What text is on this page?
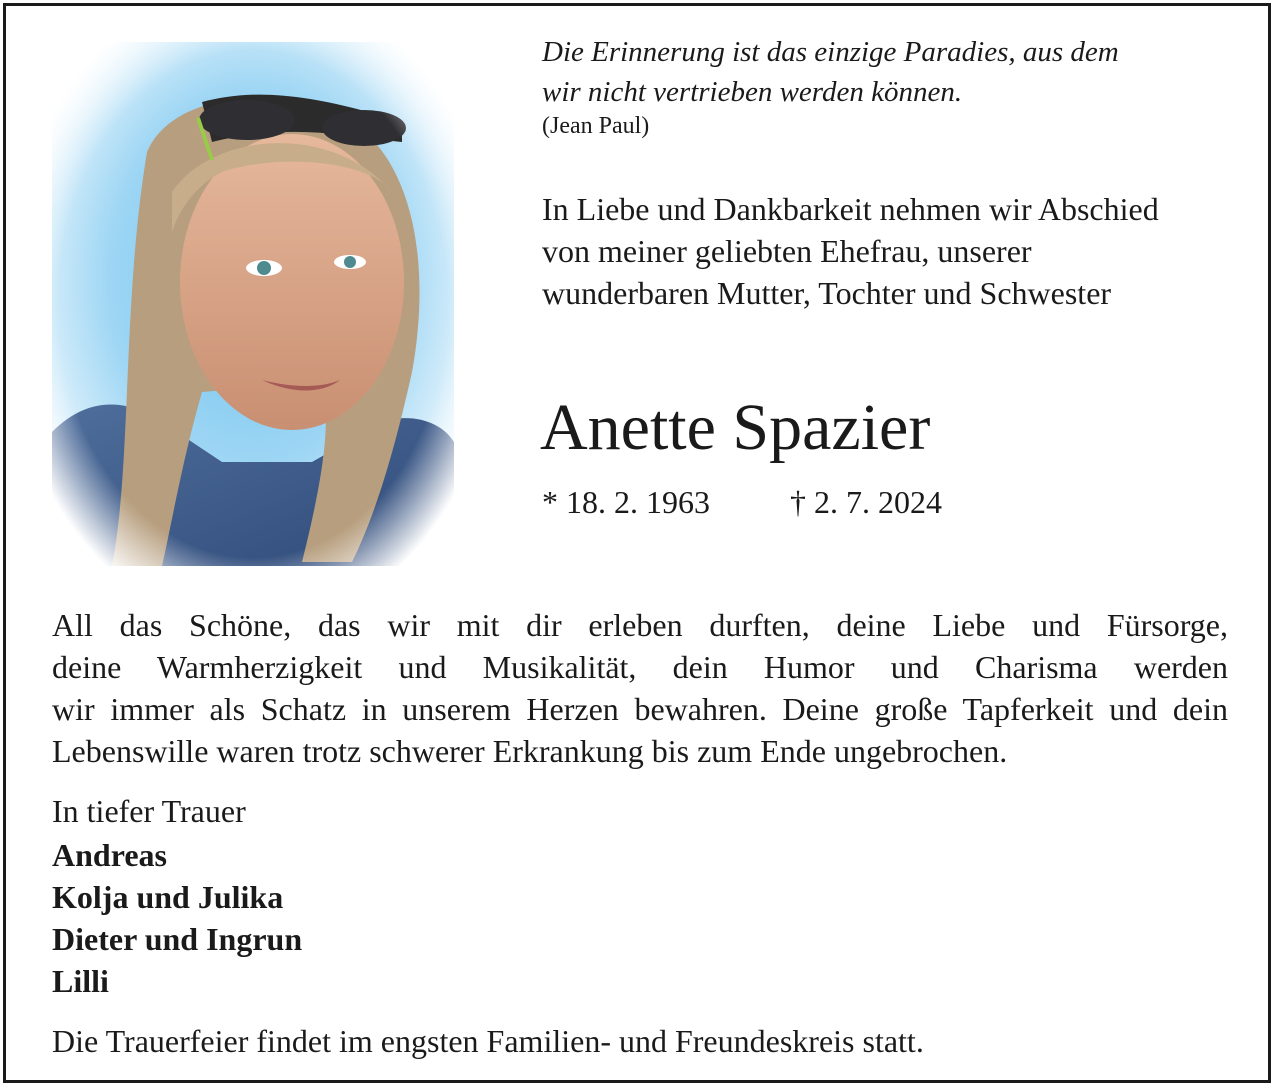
Die Erinnerung ist das einzige Paradies, aus dem
wir nicht vertrieben werden können.
(Jean Paul)
In Liebe und Dankbarkeit nehmen wir Abschied
von meiner geliebten Ehefrau, unserer
wunderbaren Mutter, Tochter und Schwester
Anette Spazier
* 18. 2. 1963	† 2. 7. 2024
All das Schöne, das wir mit dir erleben durften, deine Liebe und Fürsorge,
deine Warmherzigkeit und Musikalität, dein Humor und Charisma werden
wir immer als Schatz in unserem Herzen bewahren. Deine große Tapferkeit und dein
Lebenswille waren trotz schwerer Erkrankung bis zum Ende ungebrochen.
In tiefer Trauer
Andreas
Kolja und Julika
Dieter und Ingrun
Lilli
Die Trauerfeier findet im engsten Familien- und Freundeskreis statt.
